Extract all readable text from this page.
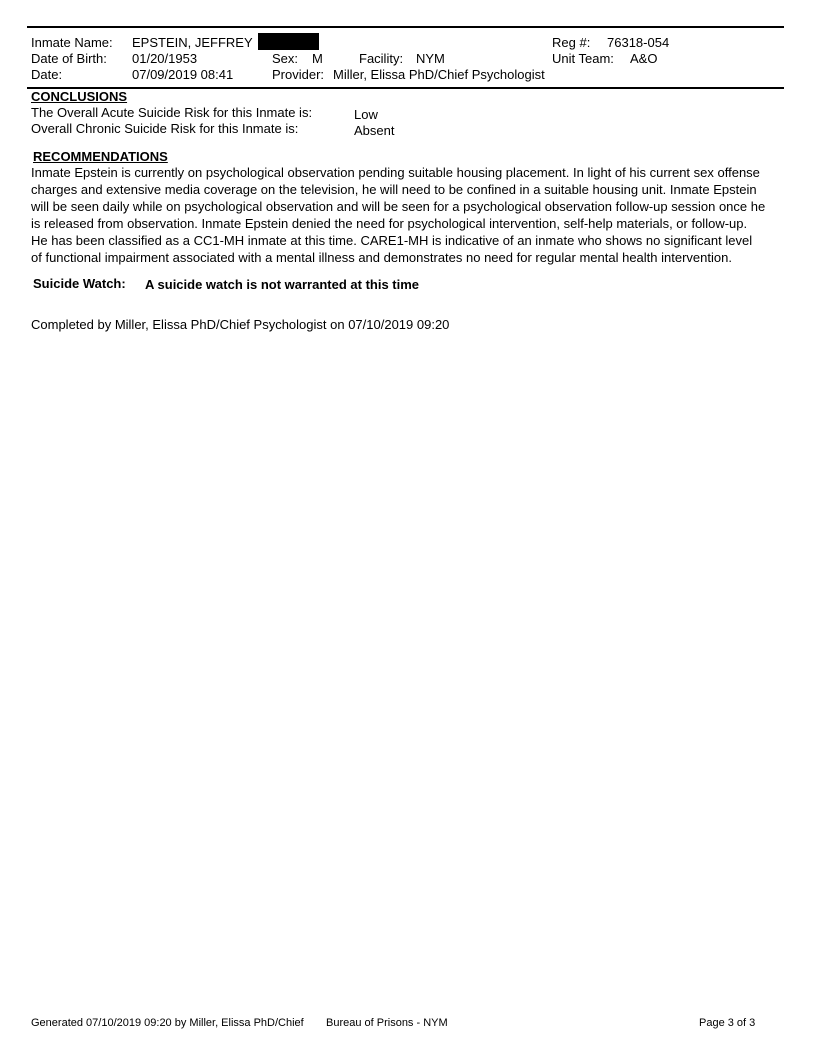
Inmate Name: EPSTEIN, JEFFREY	Reg #: 76318-054
Date of Birth: 01/20/1953	Sex: M	Facility: NYM	Unit Team: A&O
Date:	07/09/2019 08:41	Provider: Miller, Elissa PhD/Chief Psychologist
CONCLUSIONS
The Overall Acute Suicide Risk for this Inmate is:	Low
Overall Chronic Suicide Risk for this Inmate is:	Absent
RECOMMENDATIONS
Inmate Epstein is currently on psychological observation pending suitable housing placement. In light of his current sex offense
charges and extensive media coverage on the television, he will need to be confined in a suitable housing unit. Inmate Epstein
will be seen daily while on psychological observation and will be seen for a psychological observation follow-up session once he
is released from observation. Inmate Epstein denied the need for psychological intervention, self-help materials, or follow-up.
He has been classified as a CC1-MH inmate at this time. CARE1-MH is indicative of an inmate who shows no significant level
of functional impairment associated with a mental illness and demonstrates no need for regular mental health intervention.
Suicide Watch: A suicide watch is not warranted at this time
Completed by Miller, Elissa PhD/Chief Psychologist on 07/10/2019 09:20
Generated 07/10/2019 09:20 by Miller, Elissa PhD/Chief Bureau of Prisons - NYM	Page 3 of 3
